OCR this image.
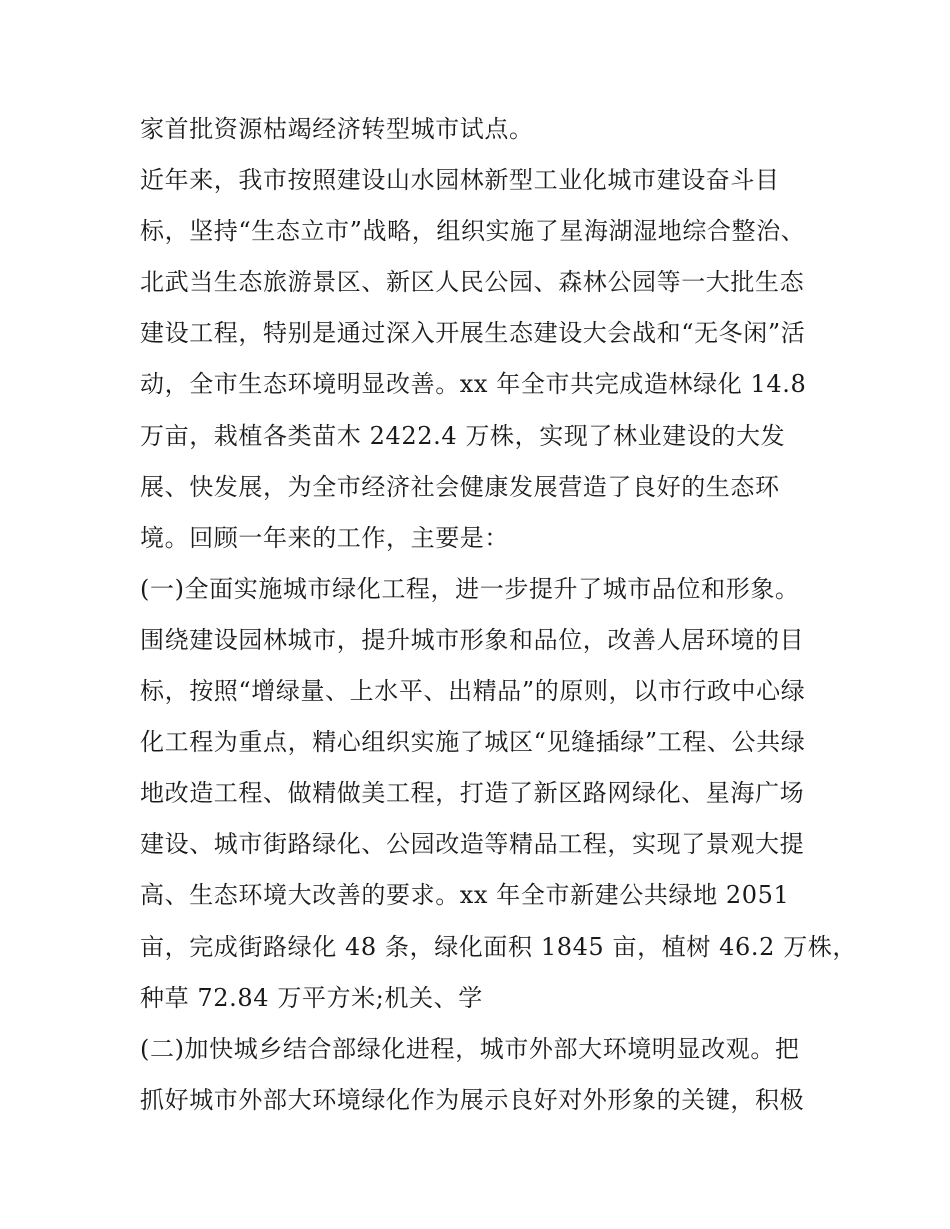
家首批资源枯竭经济转型城市试点。

近年来，我市按照建设山水园林新型工业化城市建设奋斗目

标，坚持“生态立市”战略，组织实施了星海湖湿地综合整治、

北武当生态旅游景区、新区人民公园、森林公园等一大批生态

建设工程，特别是通过深入开展生态建设大会战和“无冬闲”活

动，全市生态环境明显改善。xx 年全市共完成造林绿化 14.8

万亩，栽植各类苗木 2422.4 万株，实现了林业建设的大发

展、快发展，为全市经济社会健康发展营造了良好的生态环

境。回顾一年来的工作，主要是：

(一)全面实施城市绿化工程，进一步提升了城市品位和形象。

围绕建设园林城市，提升城市形象和品位，改善人居环境的目

标，按照“增绿量、上水平、出精品”的原则，以市行政中心绿

化工程为重点，精心组织实施了城区“见缝插绿”工程、公共绿

地改造工程、做精做美工程，打造了新区路网绿化、星海广场

建设、城市街路绿化、公园改造等精品工程，实现了景观大提

高、生态环境大改善的要求。xx 年全市新建公共绿地 2051

亩，完成街路绿化 48 条，绿化面积 1845 亩，植树 46.2 万株，

种草 72.84 万平方米;机关、学

(二)加快城乡结合部绿化进程，城市外部大环境明显改观。把

抓好城市外部大环境绿化作为展示良好对外形象的关键，积极
